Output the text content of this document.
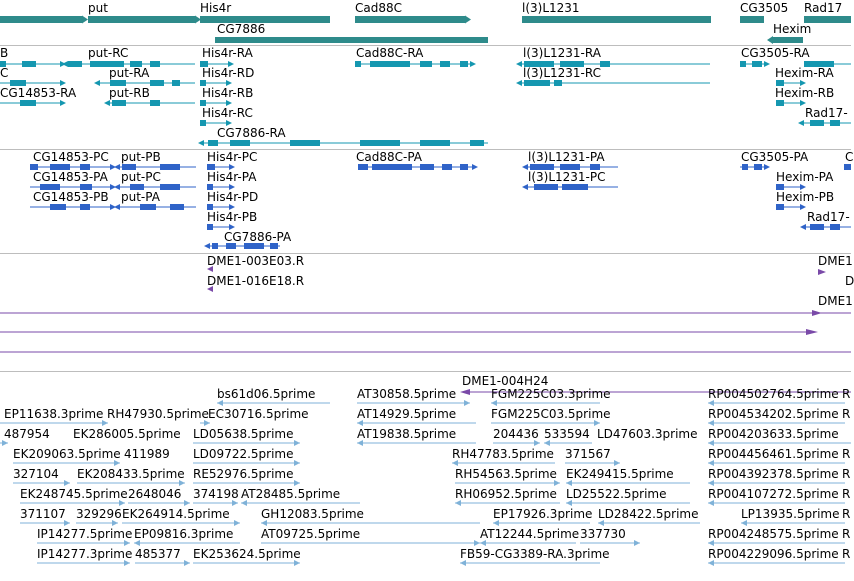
put	His4r	Cad88C	l(3)L1231	CG3505 Rad17
CG7886	Hexim
B	put-RC	His4r-RA	Cad88C-RA	l(3)L1231-RA	CG3505-RA
C	put-RA	His4r-RD	l(3)L1231-RC	Hexim-RA
CG14853-RA	put-RB	His4r-RB	Hexim-RB
His4r-RC	Rad17-
CG7886-RA
CG14853-PC put-PB	His4r-PC	Cad88C-PA	l(3)L1231-PA	CG3505-PA	C
CG14853-PA put-PC	His4r-PA	l(3)L1231-PC	Hexim-PA
CG14853-PB put-PA	His4r-PD	Hexim-PB
His4r-PB	Rad17-
CG7886-PA
DME1-003E03.R	DME1
DME1-016E18.R	D
DME1
DME1-004H24
bs61d06.5prime	AT30858.5prime	FGM225C03.3prime	RP004502764.5prime R
EP11638.3prime RH47930.5prime EC30716.5prime	AT14929.5prime	FGM225C03.5prime	RP004534202.5prime R
487954 EK286005.5prime LD05638.5prime	AT19838.5prime	204436 533594 LD47603.3prime RP004203633.5prime
EK209063.5prime 411989 LD09722.5prime	RH47783.5prime 371567	RP004456461.5prime R
327104 EK208433.5prime RE52976.5prime	RH54563.5prime EK249415.5prime	RP004392378.5prime R
EK248745.5prime 2648046 374198 AT28485.5prime	RH06952.5prime LD25522.5prime	RP004107272.5prime R
371107 329296 EK264914.5prime	GH12083.5prime	EP17926.3prime LD28422.5prime	LP13935.5prime R
IP14277.5prime EP09816.3prime AT09725.5prime	AT12244.5prime 337730	RP004248575.5prime R
IP14277.3prime 485377 EK253624.5prime	FB59-CG3389-RA.3prime	RP004229096.5prime R
